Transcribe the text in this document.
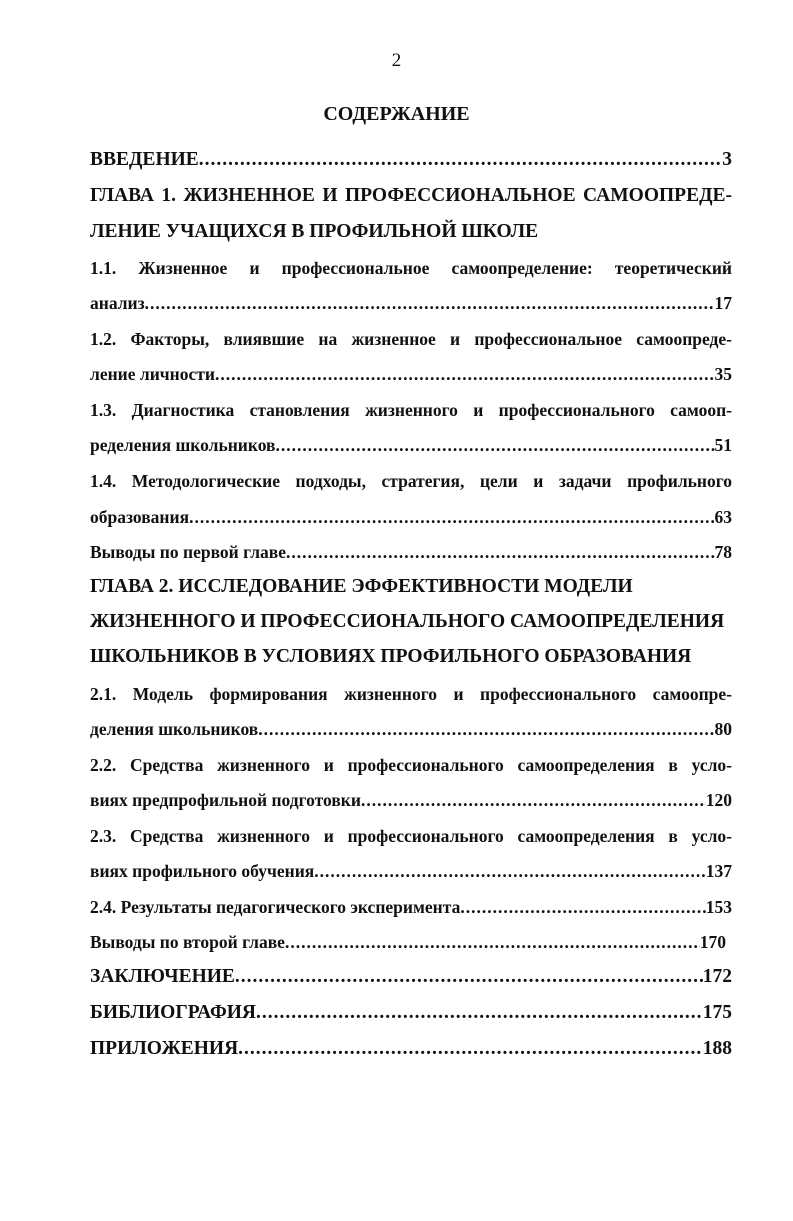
2
СОДЕРЖАНИЕ
ВВЕДЕНИЕ .....	3
ГЛАВА 1. ЖИЗНЕННОЕ И ПРОФЕССИОНАЛЬНОЕ САМООПРЕДЕ-
ЛЕНИЕ УЧАЩИХСЯ В ПРОФИЛЬНОЙ ШКОЛЕ
1.1. Жизненное и профессиональное самоопределение: теоретический
анализ .....	17
1.2. Факторы, влиявшие на жизненное и профессиональное самоопреде-
ление личности .....	35
1.3. Диагностика становления жизненного и профессионального самооп-
ределения школьников .....	51
1.4. Методологические подходы, стратегия, цели и задачи профильного
образования .....	63
Выводы по первой главе .....	78
ГЛАВА 2. ИССЛЕДОВАНИЕ ЭФФЕКТИВНОСТИ МОДЕЛИ
ЖИЗНЕННОГО И ПРОФЕССИОНАЛЬНОГО САМООПРЕДЕЛЕНИЯ
ШКОЛЬНИКОВ В УСЛОВИЯХ ПРОФИЛЬНОГО ОБРАЗОВАНИЯ
2.1. Модель формирования жизненного и профессионального самоопре-
деления школьников .....	80
2.2. Средства жизненного и профессионального самоопределения в усло-
виях предпрофильной подготовки .....	120
2.3. Средства жизненного и профессионального самоопределения в усло-
виях профильного обучения .....	137
2.4. Результаты педагогического эксперимента .....	153
Выводы по второй главе .....	170
ЗАКЛЮЧЕНИЕ .....	172
БИБЛИОГРАФИЯ .....	175
ПРИЛОЖЕНИЯ .....	188
